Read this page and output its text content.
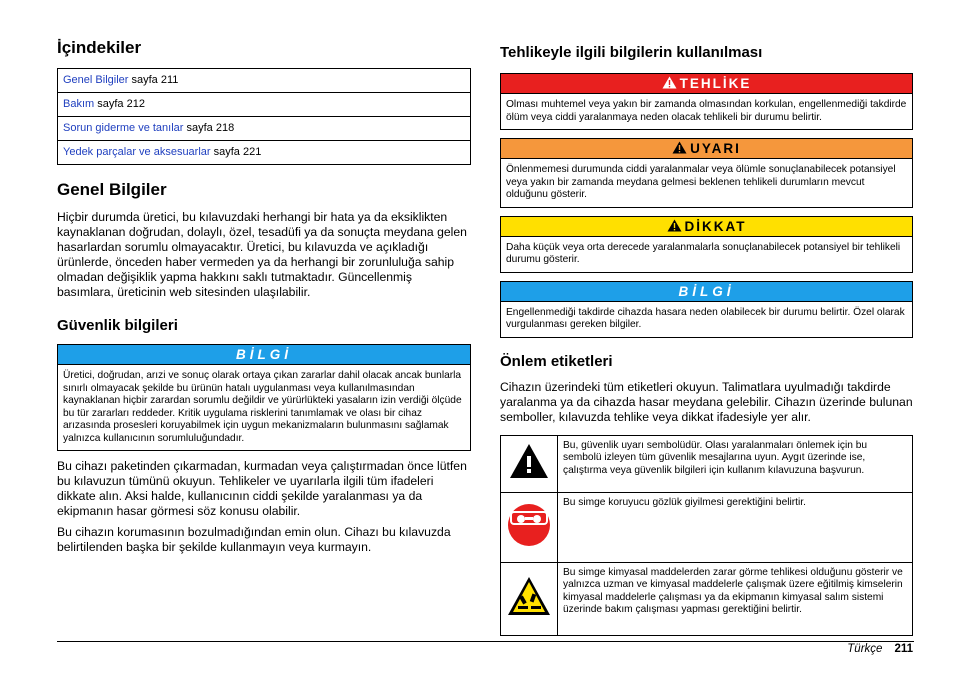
İçindekiler
Genel Bilgiler sayfa 211
Bakım sayfa 212
Sorun giderme ve tanılar sayfa 218
Yedek parçalar ve aksesuarlar sayfa 221
Genel Bilgiler

Hiçbir durumda üretici, bu kılavuzdaki herhangi bir hata ya da eksiklikten kaynaklanan doğrudan, dolaylı, özel, tesadüfi ya da sonuçta meydana gelen hasarlardan sorumlu olmayacaktır. Üretici, bu kılavuzda ve açıkladığı ürünlerde, önceden haber vermeden ya da herhangi bir zorunluluğa sahip olmadan değişiklik yapma hakkını saklı tutmaktadır. Güncellenmiş basımlara, üreticinin web sitesinden ulaşılabilir.

Güvenlik bilgileri
BİLGİ
Üretici, doğrudan, arızi ve sonuç olarak ortaya çıkan zararlar dahil olacak ancak bunlarla sınırlı olmayacak şekilde bu ürünün hatalı uygulanması veya kullanılmasından kaynaklanan hiçbir zarardan sorumlu değildir ve yürürlükteki yasaların izin verdiği ölçüde bu tür zararları reddeder. Kritik uygulama risklerini tanımlamak ve olası bir cihaz arızasında prosesleri koruyabilmek için uygun mekanizmaların bulunmasını sağlamak yalnızca kullanıcının sorumluluğundadır.

Bu cihazı paketinden çıkarmadan, kurmadan veya çalıştırmadan önce lütfen bu kılavuzun tümünü okuyun. Tehlikeler ve uyarılarla ilgili tüm ifadeleri dikkate alın. Aksi halde, kullanıcının ciddi şekilde yaralanması ya da ekipmanın hasar görmesi söz konusu olabilir.

Bu cihazın korumasının bozulmadığından emin olun. Cihazı bu kılavuzda belirtilenden başka bir şekilde kullanmayın veya kurmayın.

Tehlikeyle ilgili bilgilerin kullanılması
TEHLİKE
Olması muhtemel veya yakın bir zamanda olmasından korkulan, engellenmediği takdirde ölüm veya ciddi yaralanmaya neden olacak tehlikeli bir durumu belirtir.
UYARI
Önlenmemesi durumunda ciddi yaralanmalar veya ölümle sonuçlanabilecek potansiyel veya yakın bir zamanda meydana gelmesi beklenen tehlikeli durumların mevcut olduğunu gösterir.
DİKKAT
Daha küçük veya orta derecede yaralanmalarla sonuçlanabilecek potansiyel bir tehlikeli durumu gösterir.
BİLGİ
Engellenmediği takdirde cihazda hasara neden olabilecek bir durumu belirtir. Özel olarak vurgulanması gereken bilgiler.
Önlem etiketleri

Cihazın üzerindeki tüm etiketleri okuyun. Talimatlara uyulmadığı takdirde yaralanma ya da cihazda hasar meydana gelebilir. Cihazın üzerinde bulunan semboller, kılavuzda tehlike veya dikkat ifadesiyle yer alır.

Bu, güvenlik uyarı sembolüdür. Olası yaralanmaları önlemek için bu sembolü izleyen tüm güvenlik mesajlarına uyun. Aygıt üzerinde ise, çalıştırma veya güvenlik bilgileri için kullanım kılavuzuna başvurun.
Bu simge koruyucu gözlük giyilmesi gerektiğini belirtir.
Bu simge kimyasal maddelerden zarar görme tehlikesi olduğunu gösterir ve yalnızca uzman ve kimyasal maddelerle çalışmak üzere eğitilmiş kimselerin kimyasal maddelerle çalışması ya da ekipmanın kimyasal salım sistemi üzerinde bakım çalışması yapması gerektiğini belirtir.
Türkçe 211
